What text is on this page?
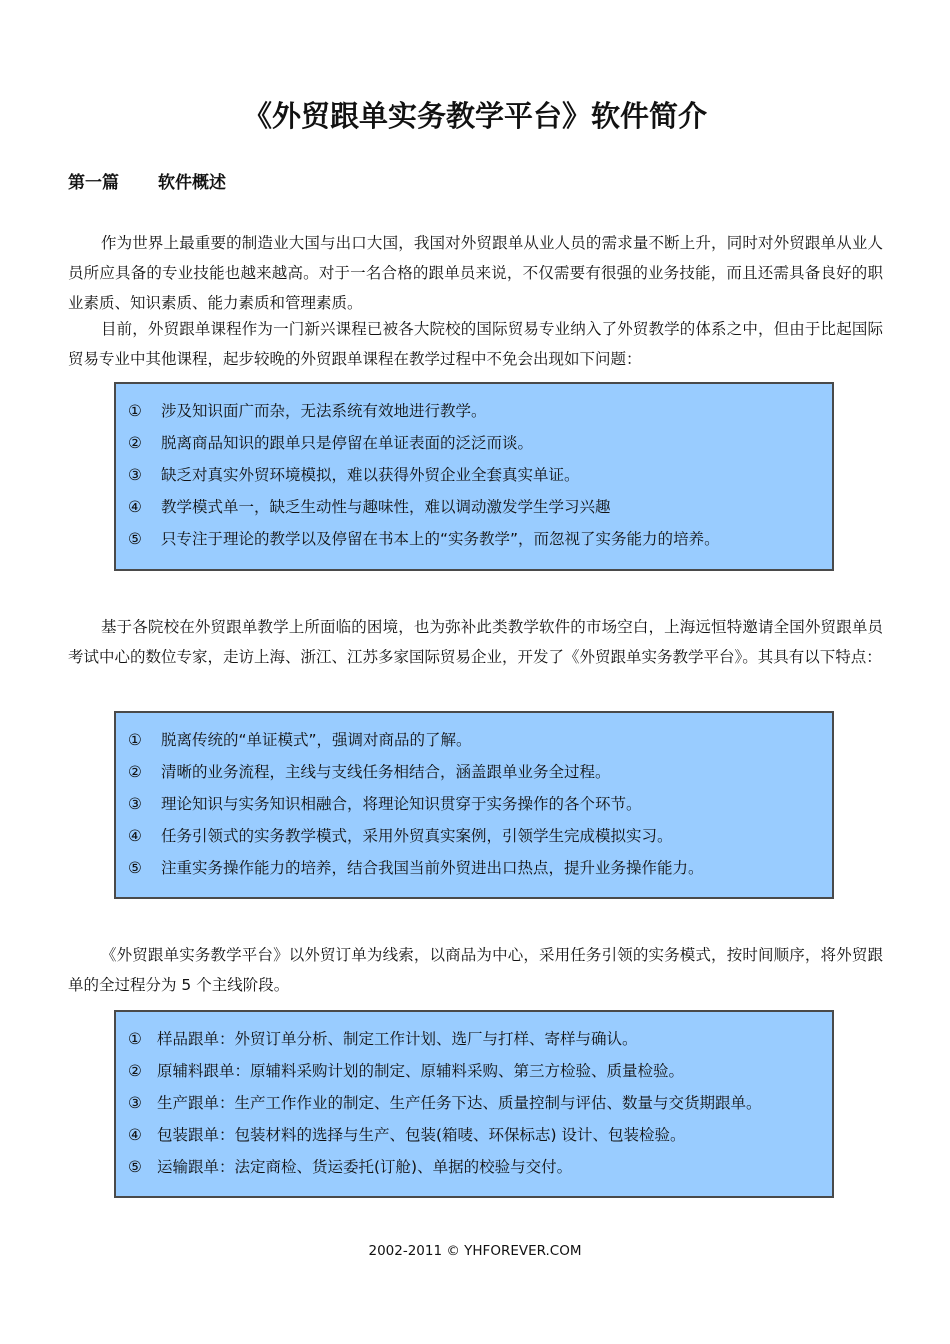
《外贸跟单实务教学平台》软件简介
第一篇 软件概述

作为世界上最重要的制造业大国与出口大国，我国对外贸跟单从业人员的需求量不断上升，同时对外贸跟单从业人员所应具备的专业技能也越来越高。对于一名合格的跟单员来说，不仅需要有很强的业务技能，而且还需具备良好的职业素质、知识素质、能力素质和管理素质。

目前，外贸跟单课程作为一门新兴课程已被各大院校的国际贸易专业纳入了外贸教学的体系之中，但由于比起国际贸易专业中其他课程，起步较晚的外贸跟单课程在教学过程中不免会出现如下问题：

①	涉及知识面广而杂，无法系统有效地进行教学。
②	脱离商品知识的跟单只是停留在单证表面的泛泛而谈。
③	缺乏对真实外贸环境模拟，难以获得外贸企业全套真实单证。
④	教学模式单一，缺乏生动性与趣味性，难以调动激发学生学习兴趣
⑤	只专注于理论的教学以及停留在书本上的“实务教学”，而忽视了实务能力的培养。

基于各院校在外贸跟单教学上所面临的困境，也为弥补此类教学软件的市场空白，上海远恒特邀请全国外贸跟单员考试中心的数位专家，走访上海、浙江、江苏多家国际贸易企业，开发了《外贸跟单实务教学平台》。其具有以下特点：

①	脱离传统的“单证模式”，强调对商品的了解。
②	清晰的业务流程，主线与支线任务相结合，涵盖跟单业务全过程。
③	理论知识与实务知识相融合，将理论知识贯穿于实务操作的各个环节。
④	任务引领式的实务教学模式，采用外贸真实案例，引领学生完成模拟实习。
⑤	注重实务操作能力的培养，结合我国当前外贸进出口热点，提升业务操作能力。

《外贸跟单实务教学平台》以外贸订单为线索，以商品为中心，采用任务引领的实务模式，按时间顺序，将外贸跟单的全过程分为 5 个主线阶段。

① 样品跟单：外贸订单分析、制定工作计划、选厂与打样、寄样与确认。
② 原辅料跟单：原辅料采购计划的制定、原辅料采购、第三方检验、质量检验。
③ 生产跟单：生产工作作业的制定、生产任务下达、质量控制与评估、数量与交货期跟单。
④ 包装跟单：包装材料的选择与生产、包装(箱唛、环保标志) 设计、包装检验。
⑤ 运输跟单：法定商检、货运委托(订舱)、单据的校验与交付。

2002-2011 © YHFOREVER.COM
